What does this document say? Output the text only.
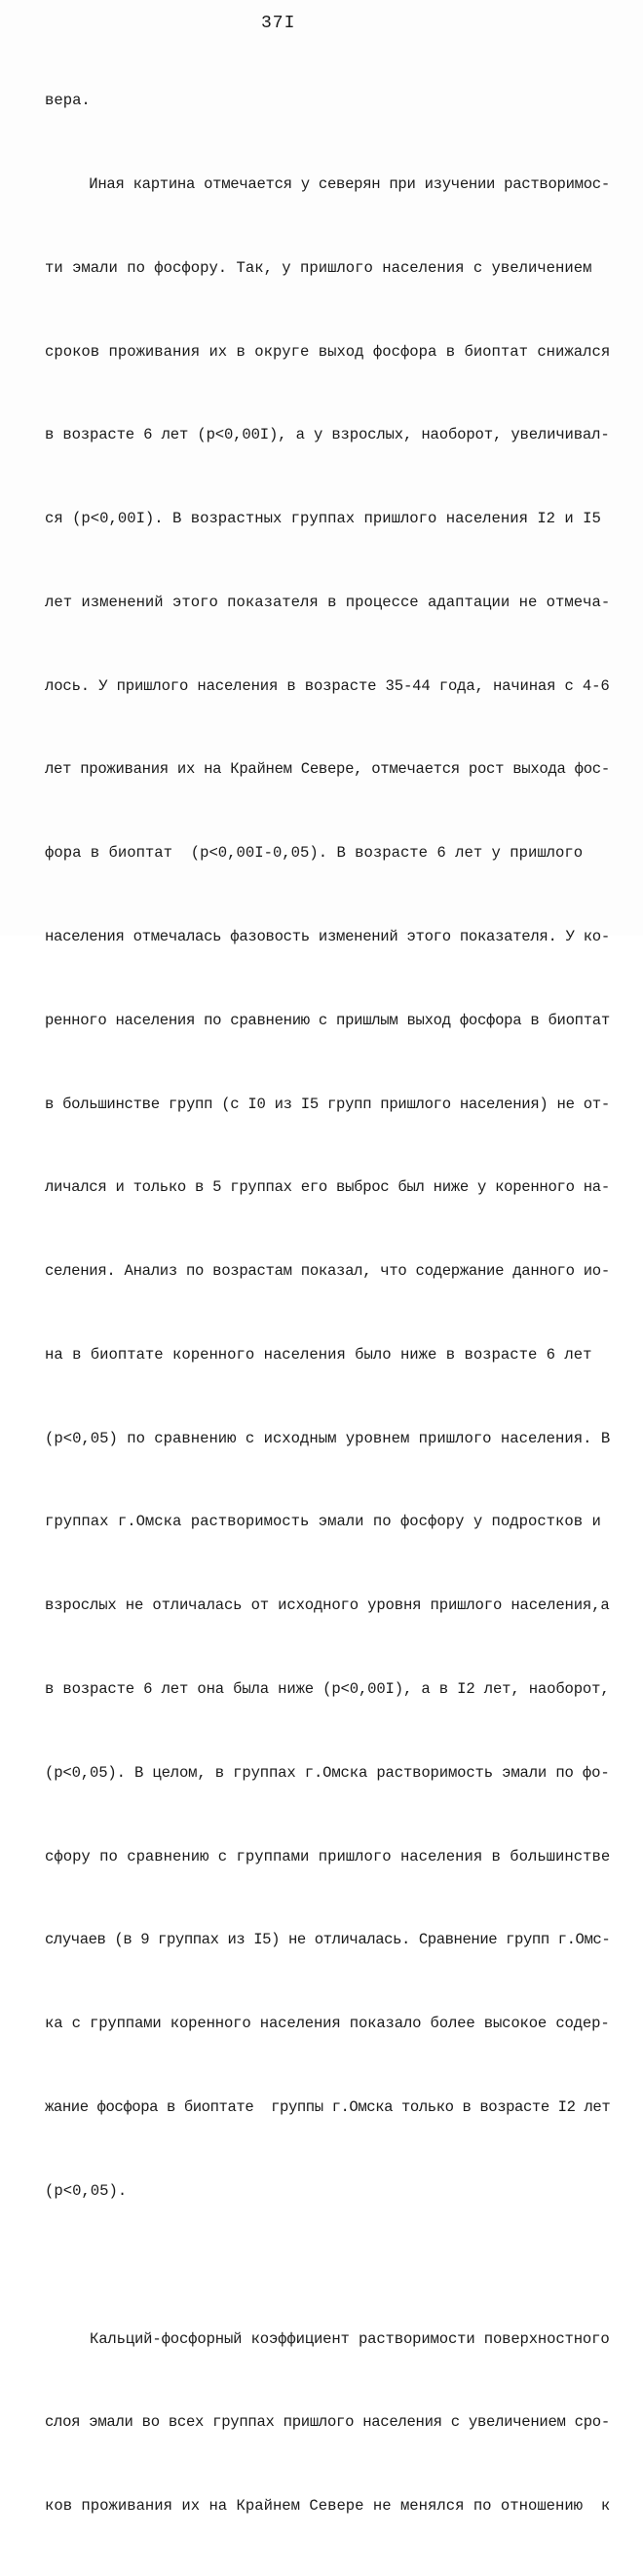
37I

вера.

Иная картина отмечается у северян при изучении растворимос-

ти эмали по фосфору. Так, у пришлого населения с увеличением

сроков проживания их в округе выход фосфора в биоптат снижался

в возрасте 6 лет (p<0,00I), а у взрослых, наоборот, увеличивал-

ся (p<0,00I). В возрастных группах пришлого населения I2 и I5

лет изменений этого показателя в процессе адаптации не отмеча-

лось. У пришлого населения в возрасте 35-44 года, начиная с 4-6

лет проживания их на Крайнем Севере, отмечается рост выхода фос-

фора в биоптат  (p<0,00I-0,05). В возрасте 6 лет у пришлого

населения отмечалась фазовость изменений этого показателя. У ко-

ренного населения по сравнению с пришлым выход фосфора в биоптат

в большинстве групп (с I0 из I5 групп пришлого населения) не от-

личался и только в 5 группах его выброс был ниже у коренного на-

селения. Анализ по возрастам показал, что содержание данного ио-

на в биоптате коренного населения было ниже в возрасте 6 лет

(p<0,05) по сравнению с исходным уровнем пришлого населения. В

группах г.Омска растворимость эмали по фосфору у подростков и

взрослых не отличалась от исходного уровня пришлого населения,а

в возрасте 6 лет она была ниже (p<0,00I), а в I2 лет, наоборот,

(p<0,05). В целом, в группах г.Омска растворимость эмали по фо-

сфору по сравнению с группами пришлого населения в большинстве

случаев (в 9 группах из I5) не отличалась. Сравнение групп г.Омс-

ка с группами коренного населения показало более высокое содер-

жание фосфора в биоптате  группы г.Омска только в возрасте I2 лет

(p<0,05).

Кальций-фосфорный коэффициент растворимости поверхностного

слоя эмали во всех группах пришлого населения с увеличением сро-

ков проживания их на Крайнем Севере не менялся по отношению  к
